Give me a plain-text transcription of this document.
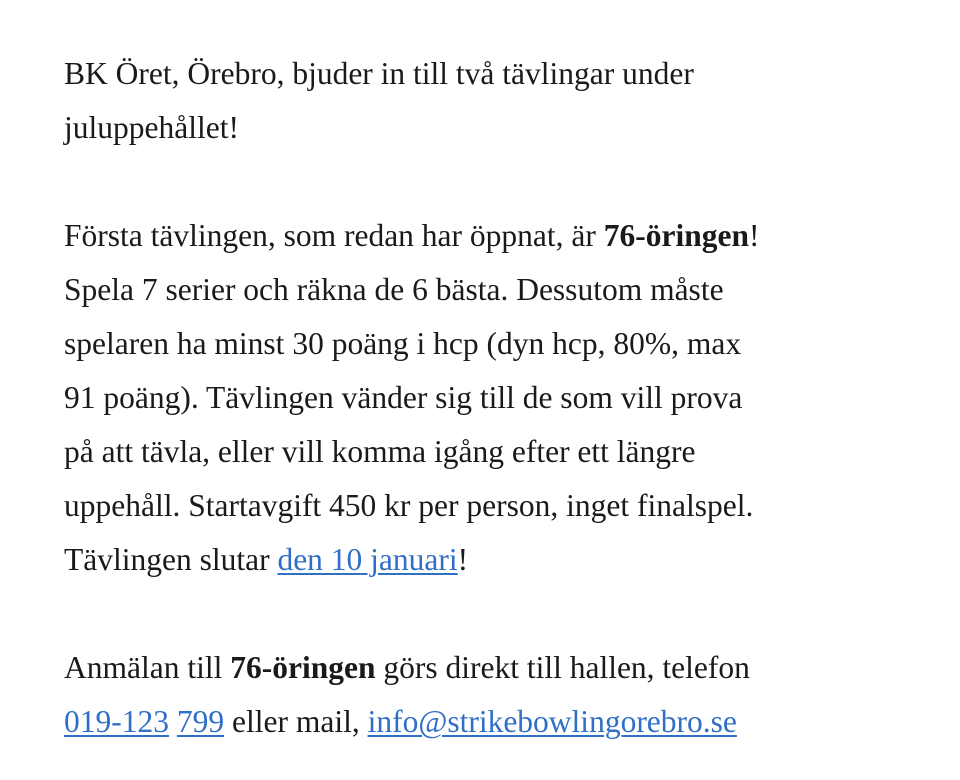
BK Öret, Örebro, bjuder in till två tävlingar under
juluppehållet!

Första tävlingen, som redan har öppnat, är 76-öringen!
Spela 7 serier och räkna de 6 bästa. Dessutom måste
spelaren ha minst 30 poäng i hcp (dyn hcp, 80%, max
91 poäng). Tävlingen vänder sig till de som vill prova
på att tävla, eller vill komma igång efter ett längre
uppehåll. Startavgift 450 kr per person, inget finalspel.
Tävlingen slutar den 10 januari!

Anmälan till 76-öringen görs direkt till hallen, telefon
019-123 799 eller mail, info@strikebowlingorebro.se
